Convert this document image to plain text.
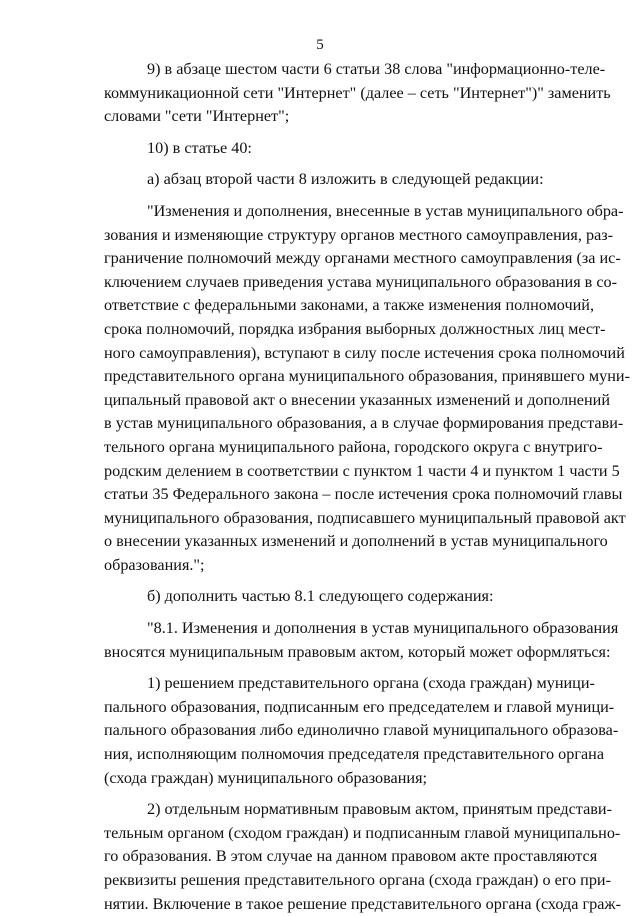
5
9) в абзаце шестом части 6 статьи 38 слова "информационно-теле-
коммуникационной сети "Интернет" (далее – сеть "Интернет")" заменить
словами "сети "Интернет";
10) в статье 40:
а) абзац второй части 8 изложить в следующей редакции:
"Изменения и дополнения, внесенные в устав муниципального обра-
зования и изменяющие структуру органов местного самоуправления, раз-
граничение полномочий между органами местного самоуправления (за ис-
ключением случаев приведения устава муниципального образования в со-
ответствие с федеральными законами, а также изменения полномочий,
срока полномочий, порядка избрания выборных должностных лиц мест-
ного самоуправления), вступают в силу после истечения срока полномочий
представительного органа муниципального образования, принявшего муни-
ципальный правовой акт о внесении указанных изменений и дополнений
в устав муниципального образования, а в случае формирования представи-
тельного органа муниципального района, городского округа с внутриго-
родским делением в соответствии с пунктом 1 части 4 и пунктом 1 части 5
статьи 35 Федерального закона – после истечения срока полномочий главы
муниципального образования, подписавшего муниципальный правовой акт
о внесении указанных изменений и дополнений в устав муниципального
образования.";
б) дополнить частью 8.1 следующего содержания:
"8.1. Изменения и дополнения в устав муниципального образования
вносятся муниципальным правовым актом, который может оформляться:
1) решением представительного органа (схода граждан) муници-
пального образования, подписанным его председателем и главой муници-
пального образования либо единолично главой муниципального образова-
ния, исполняющим полномочия председателя представительного органа
(схода граждан) муниципального образования;
2) отдельным нормативным правовым актом, принятым представи-
тельным органом (сходом граждан) и подписанным главой муниципально-
го образования. В этом случае на данном правовом акте проставляются
реквизиты решения представительного органа (схода граждан) о его при-
нятии. Включение в такое решение представительного органа (схода граж-
